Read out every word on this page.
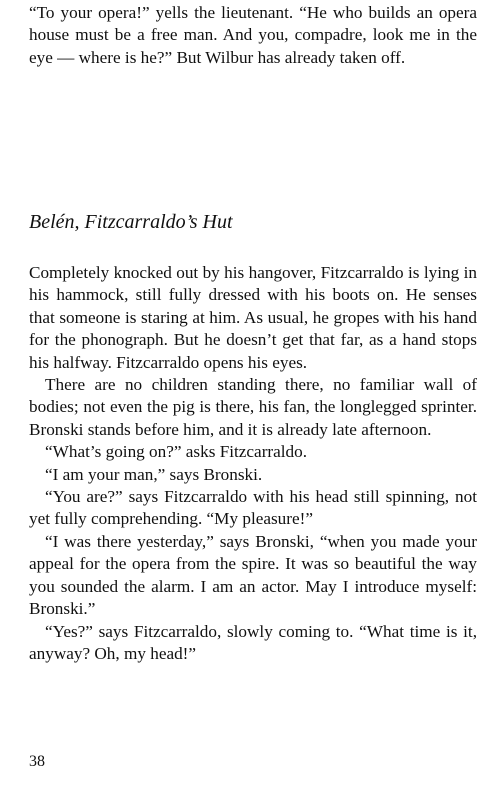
“To your opera!” yells the lieutenant. “He who builds an opera house must be a free man. And you, compadre, look me in the eye — where is he?” But Wilbur has already taken off.

Belén, Fitzcarraldo’s Hut

Completely knocked out by his hangover, Fitzcarraldo is lying in his hammock, still fully dressed with his boots on. He senses that someone is staring at him. As usual, he gropes with his hand for the phonograph. But he doesn’t get that far, as a hand stops his halfway. Fitzcarraldo opens his eyes.

There are no children standing there, no familiar wall of bodies; not even the pig is there, his fan, the longlegged sprinter. Bronski stands before him, and it is already late afternoon.

“What’s going on?” asks Fitzcarraldo.

“I am your man,” says Bronski.

“You are?” says Fitzcarraldo with his head still spinning, not yet fully comprehending. “My pleasure!”

“I was there yesterday,” says Bronski, “when you made your appeal for the opera from the spire. It was so beautiful the way you sounded the alarm. I am an actor. May I introduce myself: Bronski.”

“Yes?” says Fitzcarraldo, slowly coming to. “What time is it, anyway? Oh, my head!”

38
